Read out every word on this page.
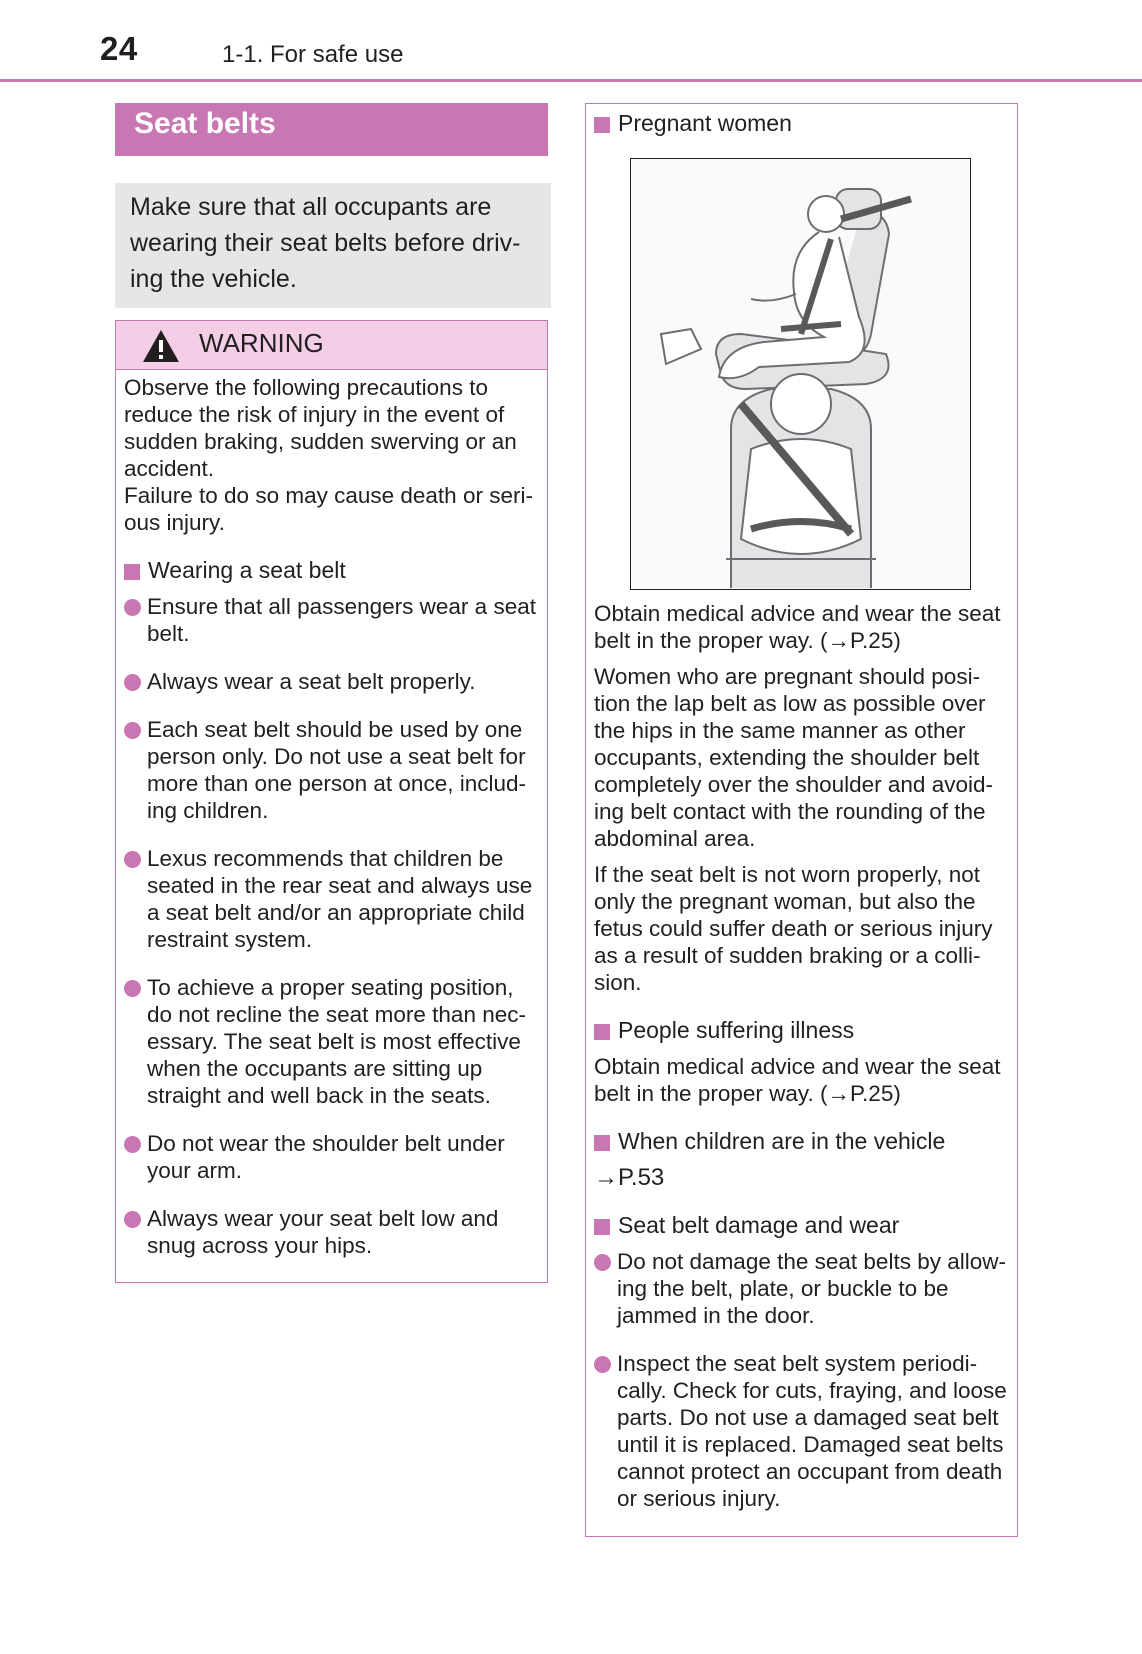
24	1-1. For safe use
Seat belts
Make sure that all occupants are wearing their seat belts before driv-ing the vehicle.
WARNING

Observe the following precautions to reduce the risk of injury in the event of sudden braking, sudden swerving or an accident.

Failure to do so may cause death or seri-ous injury.

Wearing a seat belt
Ensure that all passengers wear a seat belt.
Always wear a seat belt properly.
Each seat belt should be used by one person only. Do not use a seat belt for more than one person at once, includ-ing children.
Lexus recommends that children be seated in the rear seat and always use a seat belt and/or an appropriate child restraint system.
To achieve a proper seating position, do not recline the seat more than nec-essary. The seat belt is most effective when the occupants are sitting up straight and well back in the seats.
Do not wear the shoulder belt under your arm.
Always wear your seat belt low and snug across your hips.
Pregnant women

Obtain medical advice and wear the seat belt in the proper way. (→P.25)

Women who are pregnant should posi-tion the lap belt as low as possible over the hips in the same manner as other occupants, extending the shoulder belt completely over the shoulder and avoid-ing belt contact with the rounding of the abdominal area.

If the seat belt is not worn properly, not only the pregnant woman, but also the fetus could suffer death or serious injury as a result of sudden braking or a colli-sion.

People suffering illness

Obtain medical advice and wear the seat belt in the proper way. (→P.25)

When children are in the vehicle

→P.53

Seat belt damage and wear
Do not damage the seat belts by allow-ing the belt, plate, or buckle to be jammed in the door.
Inspect the seat belt system periodi-cally. Check for cuts, fraying, and loose parts. Do not use a damaged seat belt until it is replaced. Damaged seat belts cannot protect an occupant from death or serious injury.
